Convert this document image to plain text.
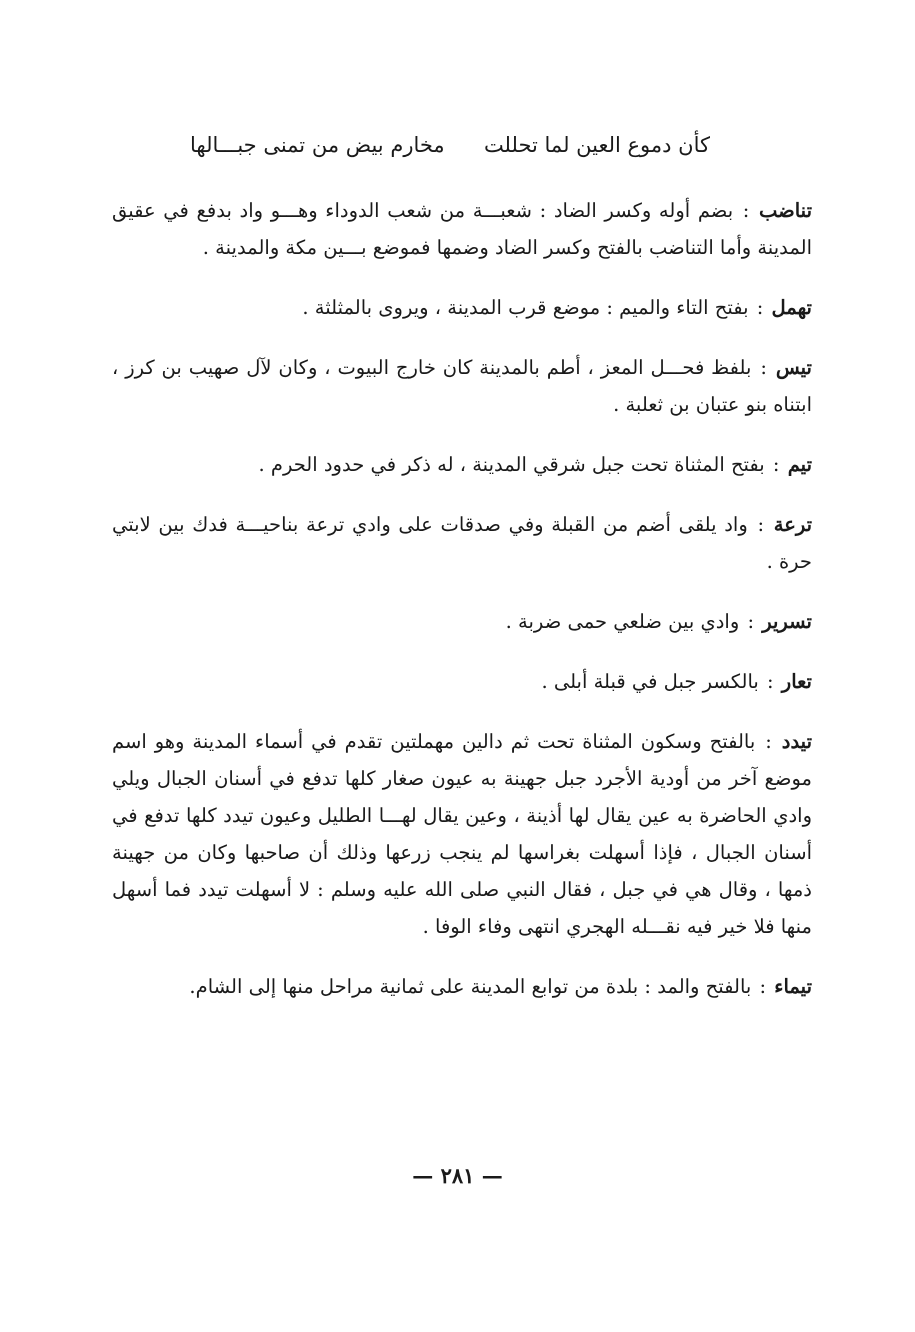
كأن دموع العين لما تحللت
مخارم بيض من تمنى جبـــالها

تناضب : بضم أوله وكسر الضاد : شعبـــة من شعب الدوداء وهـــو واد بدفع في عقيق المدينة وأما التناضب بالفتح وكسر الضاد وضمها فموضع بـــين مكة والمدينة .

تهمل : بفتح التاء والميم : موضع قرب المدينة ، ويروى بالمثلثة .

تيس : بلفظ فحـــل المعز ، أطم بالمدينة كان خارج البيوت ، وكان لآل صهيب بن كرز ، ابتناه بنو عتبان بن ثعلبة .

تيم : بفتح المثناة تحت جبل شرقي المدينة ، له ذكر في حدود الحرم .

ترعة : واد يلقى أضم من القبلة وفي صدقات على وادي ترعة بناحيـــة فدك بين لابتي حرة .

تسرير : وادي بين ضلعي حمى ضربة .

تعار : بالكسر جبل في قبلة أبلى .

تيدد : بالفتح وسكون المثناة تحت ثم دالين مهملتين تقدم في أسماء المدينة وهو اسم موضع آخر من أودية الأجرد جبل جهينة به عيون صغار كلها تدفع في أسنان الجبال ويلي وادي الحاضرة به عين يقال لها أذينة ، وعين يقال لهـــا الطليل وعيون تيدد كلها تدفع في أسنان الجبال ، فإذا أسهلت بغراسها لم ينجب زرعها وذلك أن صاحبها وكان من جهينة ذمها ، وقال هي في جبل ، فقال النبي صلى الله عليه وسلم : لا أسهلت تيدد فما أسهل منها فلا خير فيه نقـــله الهجري انتهى وفاء الوفا .

تيماء : بالفتح والمد : بلدة من توابع المدينة على ثمانية مراحل منها إلى الشام.

— ٢٨١ —
